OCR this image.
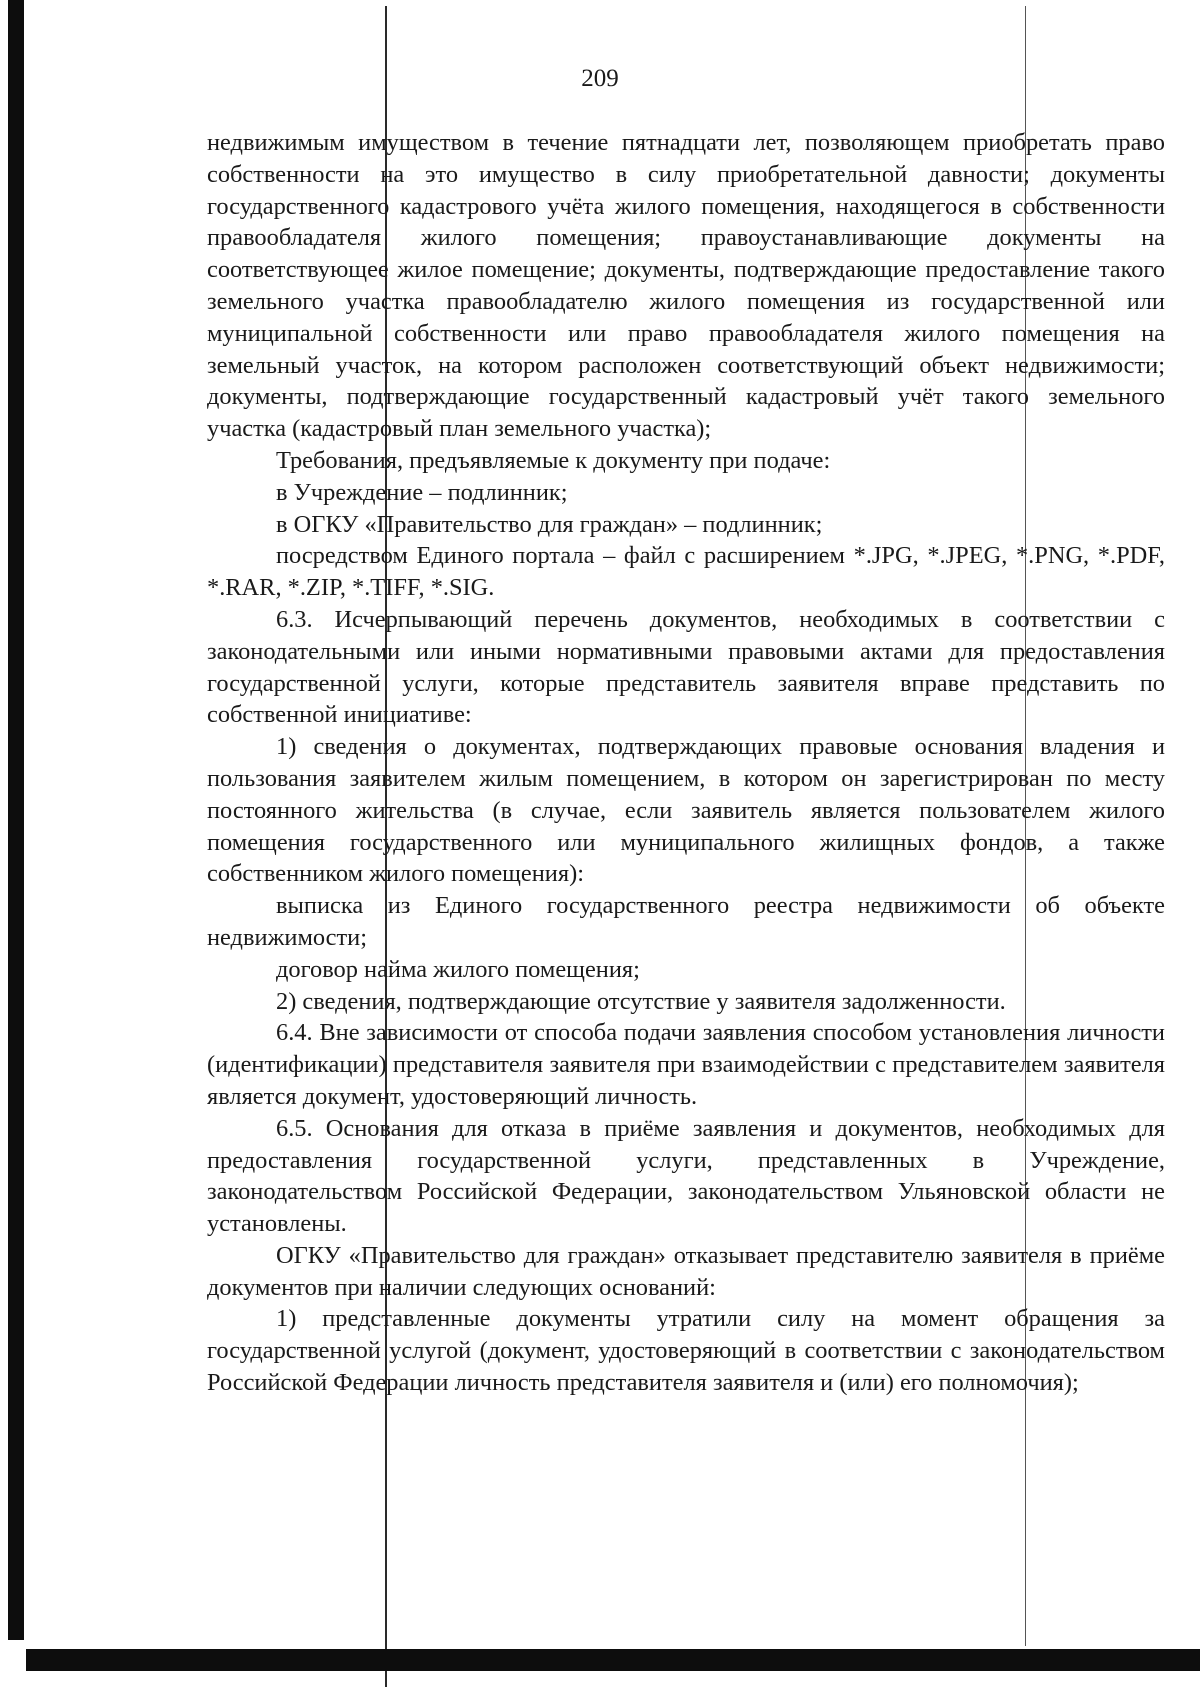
209

недвижимым имуществом в течение пятнадцати лет, позволяющем приобретать право собственности на это имущество в силу приобретательной давности; документы государственного кадастрового учёта жилого помещения, находящегося в собственности правообладателя жилого помещения; правоустанавливающие документы на соответствующее жилое помещение; документы, подтверждающие предоставление такого земельного участка правообладателю жилого помещения из государственной или муниципальной собственности или право правообладателя жилого помещения на земельный участок, на котором расположен соответствующий объект недвижимости; документы, подтверждающие государственный кадастровый учёт такого земельного участка (кадастровый план земельного участка);

Требования, предъявляемые к документу при подаче:

в Учреждение – подлинник;

в ОГКУ «Правительство для граждан» – подлинник;

посредством Единого портала – файл с расширением *.JPG, *.JPEG, *.PNG, *.PDF, *.RAR, *.ZIP, *.TIFF, *.SIG.

6.3. Исчерпывающий перечень документов, необходимых в соответствии с законодательными или иными нормативными правовыми актами для предоставления государственной услуги, которые представитель заявителя вправе представить по собственной инициативе:

1) сведения о документах, подтверждающих правовые основания владения и пользования заявителем жилым помещением, в котором он зарегистрирован по месту постоянного жительства (в случае, если заявитель является пользователем жилого помещения государственного или муниципального жилищных фондов, а также собственником жилого помещения):

выписка из Единого государственного реестра недвижимости об объекте недвижимости;

договор найма жилого помещения;

2) сведения, подтверждающие отсутствие у заявителя задолженности.

6.4. Вне зависимости от способа подачи заявления способом установления личности (идентификации) представителя заявителя при взаимодействии с представителем заявителя является документ, удостоверяющий личность.

6.5. Основания для отказа в приёме заявления и документов, необходимых для предоставления государственной услуги, представленных в Учреждение, законодательством Российской Федерации, законодательством Ульяновской области не установлены.

ОГКУ «Правительство для граждан» отказывает представителю заявителя в приёме документов при наличии следующих оснований:

1) представленные документы утратили силу на момент обращения за государственной услугой (документ, удостоверяющий в соответствии с законодательством Российской Федерации личность представителя заявителя и (или) его полномочия);
